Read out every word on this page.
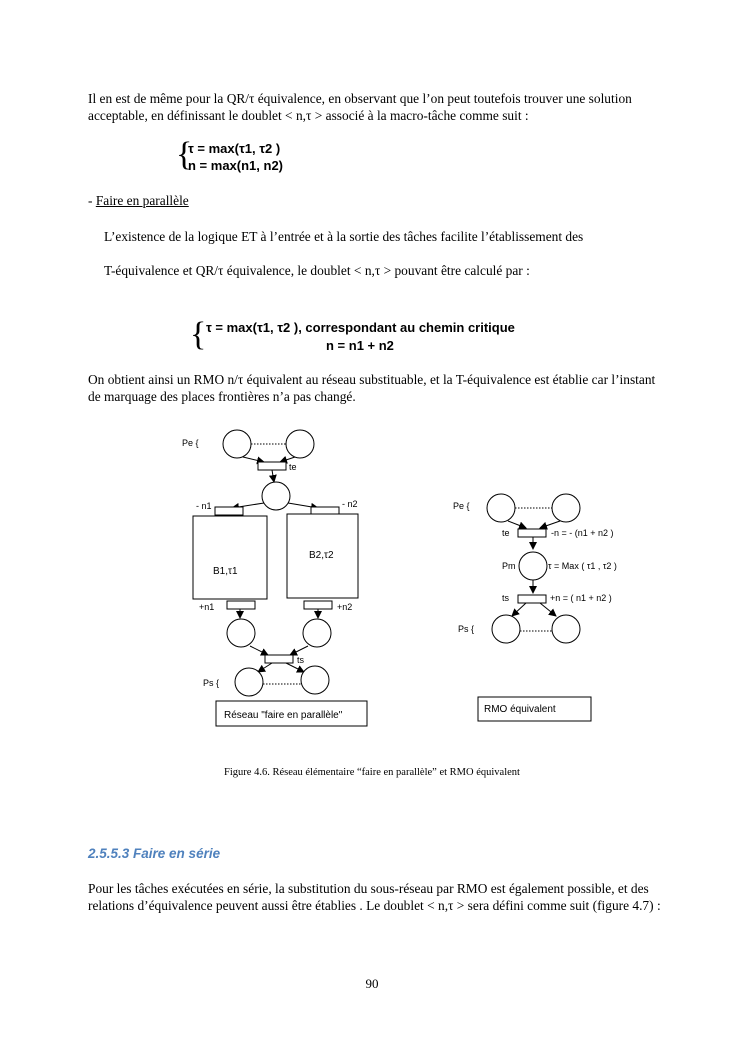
Il en est de même pour la QR/τ équivalence, en observant que l’on peut toutefois trouver une solution acceptable, en définissant le doublet < n,τ > associé à la macro-tâche comme suit :

{
τ = max(τ1, τ2 )
n = max(n1, n2)

- Faire en parallèle

L’existence de la logique ET à l’entrée et à la sortie des tâches facilite l’établissement des

T-équivalence et QR/τ équivalence, le doublet < n,τ > pouvant être calculé par :

{ τ = max(τ1, τ2 ), correspondant au chemin critique
n = n1 + n2

On obtient ainsi un RMO n/τ équivalent au réseau substituable, et la T-équivalence est établie car l’instant de marquage des places frontières n’a pas changé.

Pe {
te
- n1	- n2
B1,τ1
B2,τ2
+n1	+n2
ts
Ps {
Réseau "faire en parallèle"
Pe {
te	-n = - (n1 + n2 )
Pm	τ = Max ( τ1 , τ2 )
ts	+n = ( n1 + n2 )
Ps {
RMO équivalent
Figure 4.6. Réseau élémentaire “faire en parallèle” et RMO équivalent
2.5.5.3 Faire en série

Pour les tâches exécutées en série, la substitution du sous-réseau par RMO est également possible, et des relations d’équivalence peuvent aussi être établies . Le doublet < n,τ > sera défini comme suit (figure 4.7) :

90
